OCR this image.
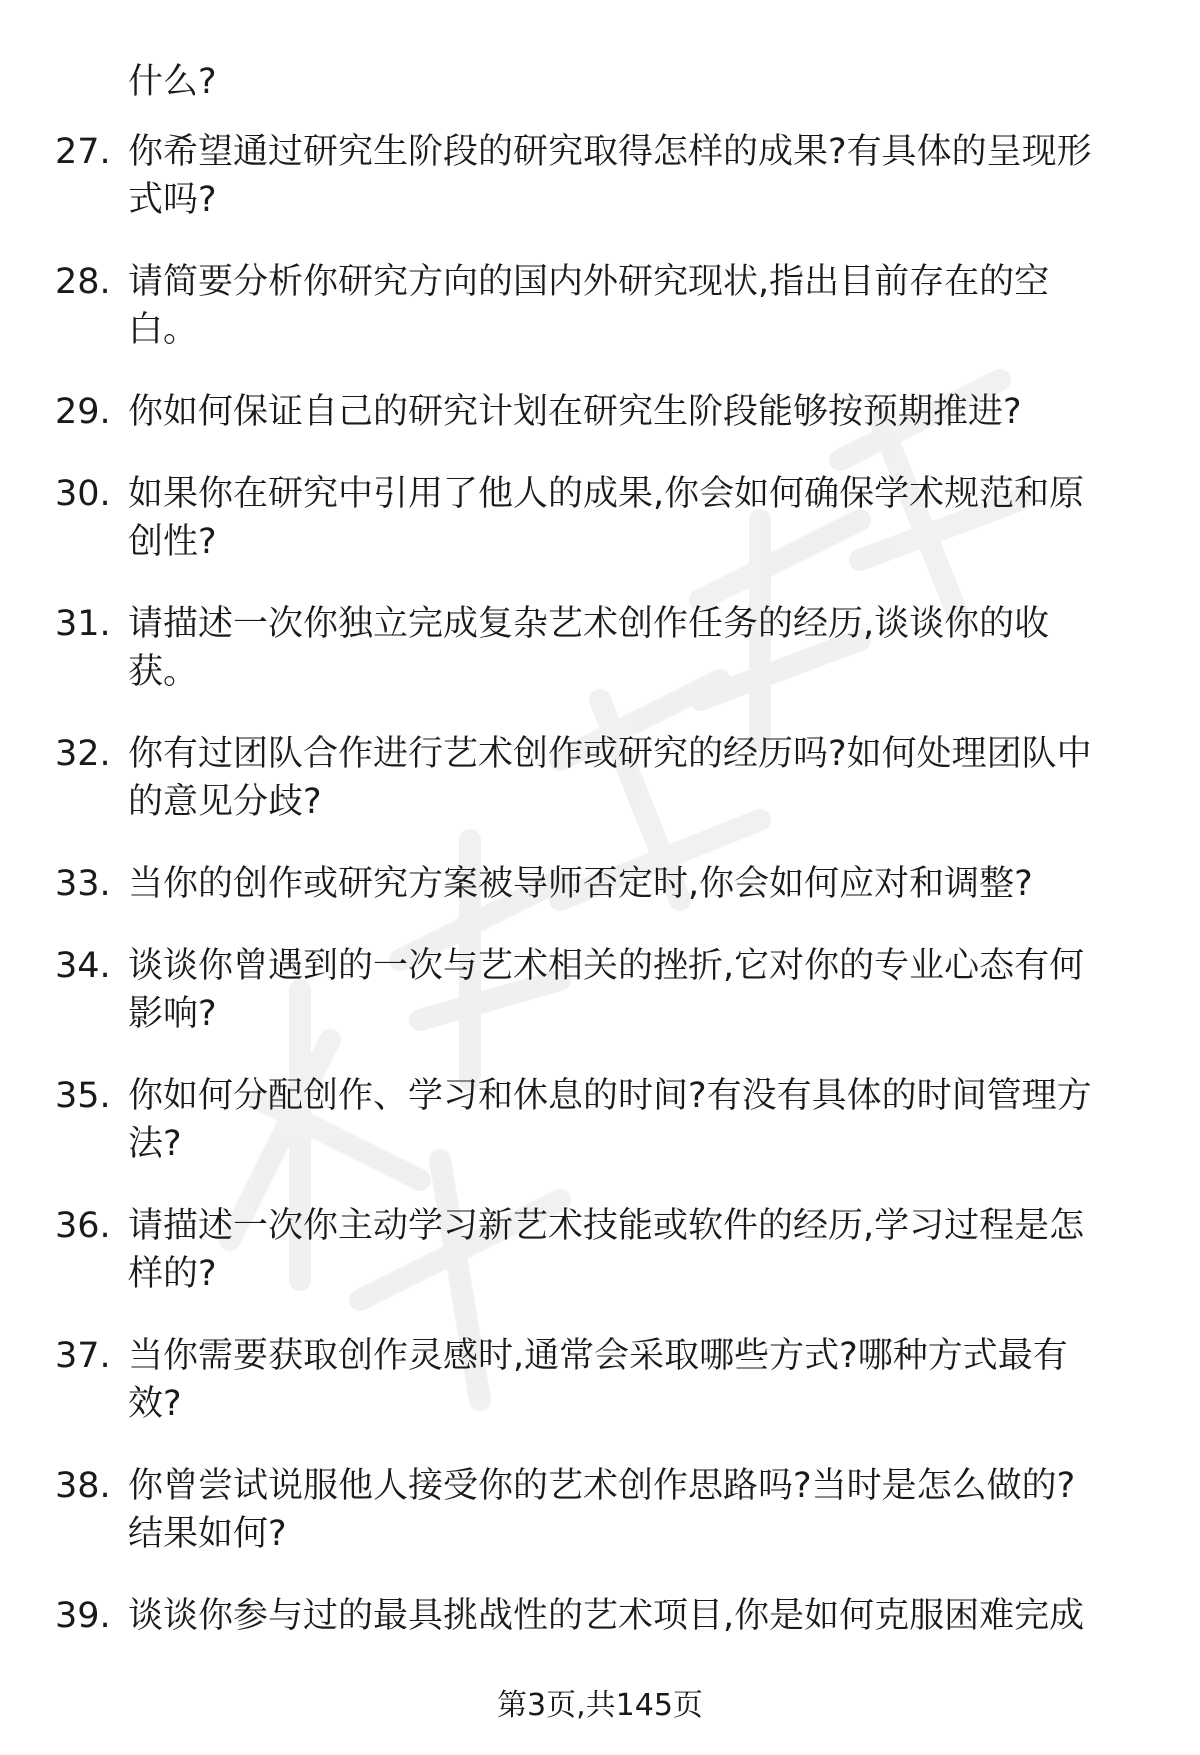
什么?
27. 你希望通过研究生阶段的研究取得怎样的成果?有具体的呈现形
式吗?
28. 请简要分析你研究方向的国内外研究现状,指出目前存在的空
白。
29. 你如何保证自己的研究计划在研究生阶段能够按预期推进?
30. 如果你在研究中引用了他人的成果,你会如何确保学术规范和原
创性?
31. 请描述一次你独立完成复杂艺术创作任务的经历,谈谈你的收
获。
32. 你有过团队合作进行艺术创作或研究的经历吗?如何处理团队中
的意见分歧?
33. 当你的创作或研究方案被导师否定时,你会如何应对和调整?
34. 谈谈你曾遇到的一次与艺术相关的挫折,它对你的专业心态有何
影响?
35. 你如何分配创作、学习和休息的时间?有没有具体的时间管理方
法?
36. 请描述一次你主动学习新艺术技能或软件的经历,学习过程是怎
样的?
37. 当你需要获取创作灵感时,通常会采取哪些方式?哪种方式最有
效?
38. 你曾尝试说服他人接受你的艺术创作思路吗?当时是怎么做的?
结果如何?
39. 谈谈你参与过的最具挑战性的艺术项目,你是如何克服困难完成
第3页,共145页
